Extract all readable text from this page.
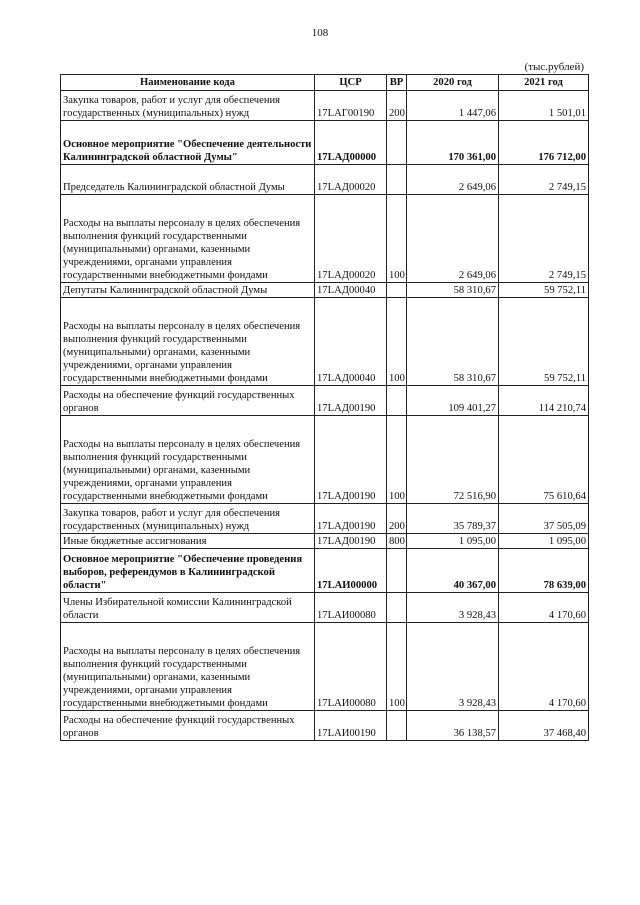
108
(тыс.рублей)
Наименование кода	ЦСР	ВР	2020 год	2021 год
Закупка товаров, работ и услуг для обеспечения государственных (муниципальных) нужд	17LAГ00190	200	1 447,06	1 501,01
Основное мероприятие "Обеспечение деятельности Калининградской областной Думы"	17LAД00000		170 361,00	176 712,00
Председатель Калининградской областной Думы	17LAД00020		2 649,06	2 749,15
Расходы на выплаты персоналу в целях обеспечения выполнения функций государственными (муниципальными) органами, казенными учреждениями, органами управления государственными внебюджетными фондами	17LAД00020	100	2 649,06	2 749,15
Депутаты Калининградской областной Думы	17LAД00040		58 310,67	59 752,11
Расходы на выплаты персоналу в целях обеспечения выполнения функций государственными (муниципальными) органами, казенными учреждениями, органами управления государственными внебюджетными фондами	17LAД00040	100	58 310,67	59 752,11
Расходы на обеспечение функций государственных органов	17LAД00190		109 401,27	114 210,74
Расходы на выплаты персоналу в целях обеспечения выполнения функций государственными (муниципальными) органами, казенными учреждениями, органами управления государственными внебюджетными фондами	17LAД00190	100	72 516,90	75 610,64
Закупка товаров, работ и услуг для обеспечения государственных (муниципальных) нужд	17LAД00190	200	35 789,37	37 505,09
Иные бюджетные ассигнования	17LAД00190	800	1 095,00	1 095,00
Основное мероприятие "Обеспечение проведения выборов, референдумов в Калининградской области"	17LAИ00000		40 367,00	78 639,00
Члены Избирательной комиссии Калининградской области	17LAИ00080		3 928,43	4 170,60
Расходы на выплаты персоналу в целях обеспечения выполнения функций государственными (муниципальными) органами, казенными учреждениями, органами управления государственными внебюджетными фондами	17LAИ00080	100	3 928,43	4 170,60
Расходы на обеспечение функций государственных органов	17LAИ00190		36 138,57	37 468,40
